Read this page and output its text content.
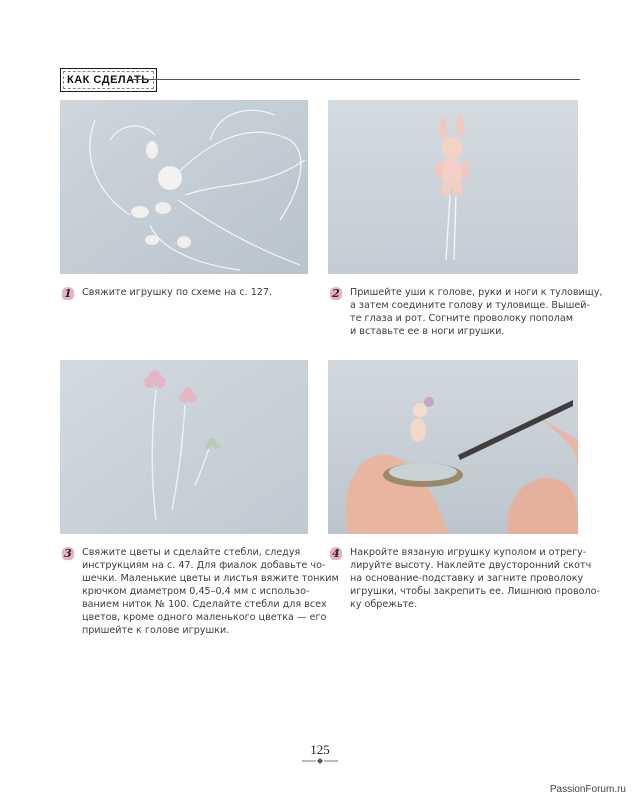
КАК СДЕЛАТЬ
1	Свяжите игрушку по схеме на с. 127.	2	Пришейте уши к голове, руки и ноги к туловищу,
а затем соедините голову и туловище. Вышей-
те глаза и рот. Согните проволоку пополам
и вставьте ее в ноги игрушки.
3	Свяжите цветы и сделайте стебли, следуя
инструкциям на с. 47. Для фиалок добавьте чо-
шечки. Маленькие цветы и листья вяжите тонким
крючком диаметром 0,45–0,4 мм с использо-
ванием ниток № 100. Сделайте стебли для всех
цветов, кроме одного маленького цветка — его
пришейте к голове игрушки.
4	Накройте вязаную игрушку куполом и отрегу-
лируйте высоту. Наклейте двусторонний скотч
на основание-подставку и загните проволоку
игрушки, чтобы закрепить ее. Лишнюю проволо-
ку обрежьте.
125
PassionForum.ru
